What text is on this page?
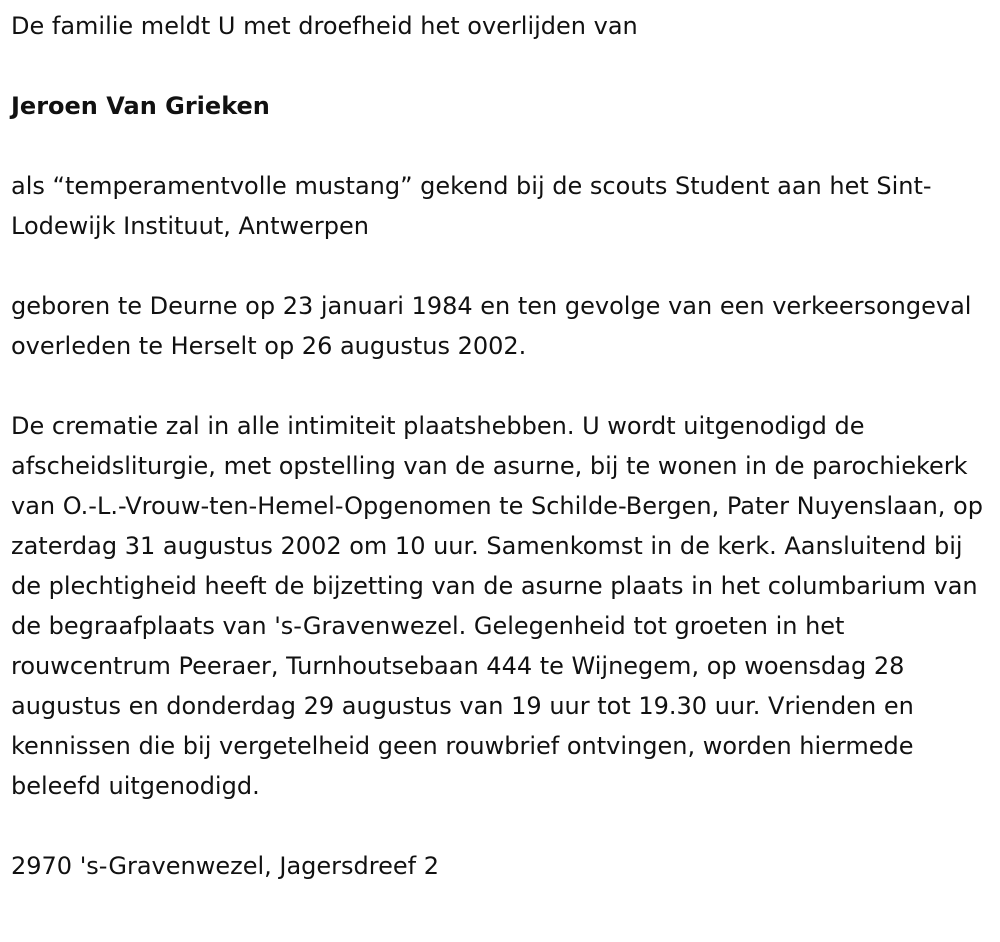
De familie meldt U met droefheid het overlijden van

Jeroen Van Grieken

als “temperamentvolle mustang” gekend bij de scouts Student aan het Sint-Lodewijk Instituut, Antwerpen

geboren te Deurne op 23 januari 1984 en ten gevolge van een verkeersongeval overleden te Herselt op 26 augustus 2002.

De crematie zal in alle intimiteit plaatshebben. U wordt uitgenodigd de afscheidsliturgie, met opstelling van de asurne, bij te wonen in de parochiekerk van O.-L.-Vrouw-ten-Hemel-Opgenomen te Schilde-Bergen, Pater Nuyenslaan, op zaterdag 31 augustus 2002 om 10 uur. Samenkomst in de kerk. Aansluitend bij de plechtigheid heeft de bijzetting van de asurne plaats in het columbarium van de begraafplaats van 's-Gravenwezel. Gelegenheid tot groeten in het rouwcentrum Peeraer, Turnhoutsebaan 444 te Wijnegem, op woensdag 28 augustus en donderdag 29 augustus van 19 uur tot 19.30 uur. Vrienden en kennissen die bij vergetelheid geen rouwbrief ontvingen, worden hiermede beleefd uitgenodigd.

2970 's-Gravenwezel, Jagersdreef 2
